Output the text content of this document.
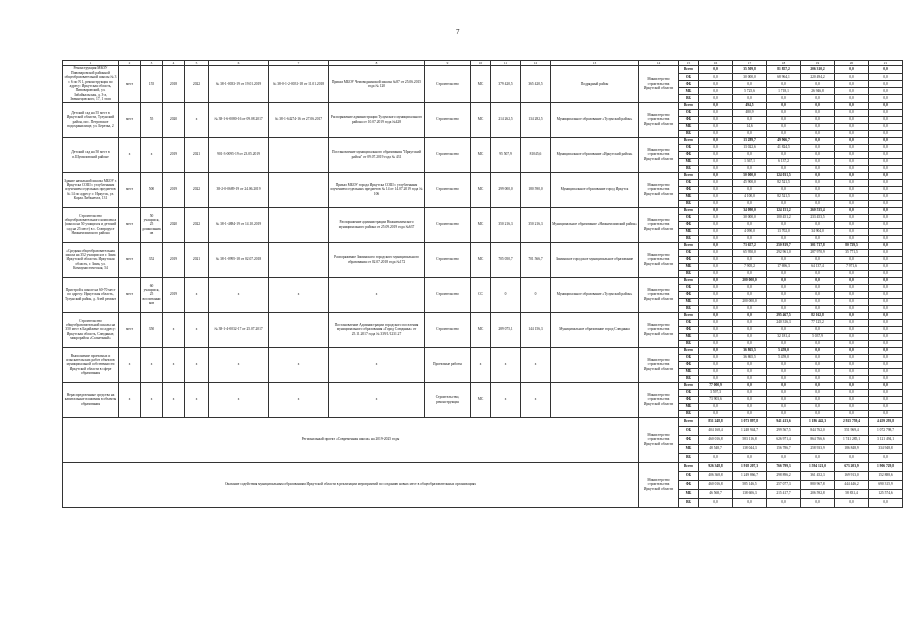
7
1	2	3	4	5	6	7	8	9	10	11	12	13	14	15	16	17	18	19	20	21
Реконструкция МБОУ Пивоваровской районной общеобразовательной школы № 3 с 6 по N 1, реконструкция по адресу: Иркутская область, Пивоваровский, ул. Забайкальская, д. 3-а, Звеннецовского, 17, 1 этап	мест	155	2018	2022	№ 38-1-0033-19 от 19.01.2019	№ 38-0-1-2-0031-18 от 11.01.2018	Приказ МБОУ Чемоводнинской школы №87 от 25.06.2015 года № 120	Строительство	МС	379 420,5	365 420,5	Подрядный район	Министерство строительства Иркутской области	Всего	0,0	35 509,8	81 857,2	206 310,2	0,0	0,0
														ОБ	0,0	30 000,0	68 964,1	220 494,2	0,0	0,0
														ФБ	0,0	0,0	0,0	0,0	0,0	0,0
														МБ	0,0	5 725,6	1 718,1	26 946,8	0,0	0,0
														ВБ	0,0	0,0	0,0	0,0	0,0	0,0
Детский сад на 55 мест в Иркутской области, Тулунский район, пос. Петровское водохранилище, ул. Березка, 2	мест	55	2020	х	№ 38-1-6-0080-16 от 09.08.2017	№ 38-1-64274-16 от 27.06.2017	Распоряжение администрации Тулунского муниципального района от 10.07.2019 года №428	Строительство	МС	214 262,5	134 282,5	Муниципальное образование «Тулунский район»	Министерство строительства Иркутской области	Всего	0,0	494,5	0,0	0,0	0,0	0,0
														ОБ	0,0	480,9	0,0	0,0	0,0	0,0
														ФБ	0,0	0,0	0,0	0,0	0,0	0,0
														МБ	0,0	14,6	0,0	0,0	0,0	0,0
														ВБ	0,0	0,0	0,0	0,0	0,0	0,0
Детский сад на 50 мест в п.Шумиловский районе	х	х	2019	2021	901-3-0095-19 от 23.05.2019		Постановление муниципального образования "Иркутский район" от 09.07.2019 года № 431	Строительство	МС	95 507,9	81045,6	Муниципальное образование «Иркутский район»	Министерство строительства Иркутской области	Всего	0,0	13 289,7	49 966,7	0,0	0,0	0,0
														ОБ	0,0	13 022,6	41 824,5	0,0	0,0	0,0
														ФБ	0,0	0,0	0,0	0,0	0,0	0,0
														МБ	0,0	1 367,1	6 137,2	0,0	0,0	0,0
														ВБ	0,0	0,0	0,0	0,0	0,0	0,0
Здание начальной школы МБОУ г. Иркутска СОШ с углубленным изучением отдельных предметов № 14 по адресу: г. Иркутск, ул. Карла Либкнехта, 131	мест	500	2019	2022	38-2-0-0689-19 от 24.06.2019		Приказ МБОУ города Иркутска СОШ с углубленным изучением отдельных предметов № 14 от 14.07.2019 года № 106	Строительство	МС	299 000,0	180 590,0	Муниципальное образование город Иркутск	Министерство строительства Иркутской области	Всего	0,0	50 000,0	124 031,5	0,0	0,0	0,0
														ОБ	0,0	45 900,0	82 521,5	0,0	0,0	0,0
														ФБ	0,0	0,0	0,0	0,0	0,0	0,0
														МБ	0,0	4 100,0	82 521,5	0,0	0,0	0,0
														ВБ	0,0	0,0	0,0	0,0	0,0	0,0
Строительство общеобразовательного комплекса (школа на 50 учащихся и детский сад на 25 мест) в с. Ставрорусе Нижнеилимского района	мест	50 учащихся, 25 дошкольников	2020	2022	№ 38-1-4884-19 от 14.10.2019		Распоряжение администрации Нижнеилимского муниципального района от 25.09.2019 года №637	Строительство	МС	350 216,3	350 216,3	Муниципальное образование «Нижнеилимский район»	Министерство строительства Иркутской области	Всего	0,0	34 090,0	124 151,2	260 535,4	0,0	0,0
														ОБ	0,0	30 000,0	100 451,2	233 453,5	0,0	0,0
														ФБ	0,0	0,0	0,0	0,0	0,0	0,0
														МБ	0,0	4 090,0	13 702,0	34 904,0	0,0	0,0
														ВБ	0,0	0,0	0,0	0,0	0,0	0,0
«Средняя общеобразовательная школа на 352 учащихся в г. Зима Иркутской области» Иркутская область, г. Зима, ул. Коммунистическая, 54	мест	352	2019	2021	№ 38-1-0995-18 от 02.07.2018		Распоряжение Зиминского городского муниципального образования от 02.07.2018 года №172	Строительство	МС	705 050,7	701 566,7	Зиминское городское муниципальное образование	Министерство строительства Иркутской области	Всего	0,0	73 657,2	250 819,7	301 717,8	80 729,5	0,0
														ОБ	0,0	65 950,0	292 961,0	287 970,9	35 771,5	0,0
														ФБ	0,0	0,0	0,0	0,0	0,0	0,0
														МБ	0,0	7 905,2	17 696,3	64 137,4	7 971,6	0,0
														ВБ	0,0	0,0	0,0	0,0	0,0	0,0
Пристрой к школе на 60-70 мест по адресу: Иркутская область, Тулунский район, д. Азей ремонт	мест	60 учащихся, 25 воспитанников	2019	х	х	х	х	Строительство	СС	0	0	Муниципальное образование «Тулунский район»	Министерство строительства Иркутской области	Всего	0,0	200 000,0	0,0	0,0	0,0	0,0
														ОБ	0,0	0,0	0,0	0,0	0,0	0,0
														ФБ	0,0	0,0	0,0	0,0	0,0	0,0
														МБ	0,0	200 000,0	0,0	0,0	0,0	0,0
														ВБ	0,0	0,0	0,0	0,0	0,0	0,0
Строительство общеобразовательной школы на 350 мест в Бадайжене по адресу: Иркутская область, Слюдяные, микрорайон «Солнечный»	мест	350	х	х	№ 38-1-4-0032-17 от 25.07.2017		Постановление Администрации городского поселения муниципального образования «Город Слюдянка» от 25.11.2017 года № 339/1/1231.27	Строительство	МС	289 075,1	144 156,3	Муниципальное образование город Слюдянка	Министерство строительства Иркутской области	Всего	0,0	0,0	295 467,5	82 162,8	0,0	0,0
														ОБ	0,0	0,0	240 316,3	77 125,2	0,0	0,0
														ФБ	0,0	0,0	0,0	0,0	0,0	0,0
														МБ	0,0	0,0	32 181,4	5 037,9	0,0	0,0
														ВБ	0,0	0,0	0,0	0,0	0,0	0,0
Выполнение проектных и изыскательских работ объектов муниципальной собственности Иркутской области в сфере образования	х	х	х	х	х	х	х	Проектные работы	х	х	х		Министерство строительства Иркутской области	Всего	0,0	36 865,5	5 459,0	0,0	0,0	0,0
														ОБ	0,0	36 865,5	5 459,0	0,0	0,0	0,0
														ФБ	0,0	0,0	0,0	0,0	0,0	0,0
														МБ	0,0	0,0	0,0	0,0	0,0	0,0
														ВБ	0,0	0,0	0,0	0,0	0,0	0,0
Нераспределенные средства на капитальные вложения в объекты образования	х	х	х	х	х	х	х	Строительство, реконструкция	МС	х	х		Министерство строительства Иркутской области	Всего	77 000,9	0,0	0,0	0,0	0,0	0,0
														ОБ	3 597,3	0,0	0,0	0,0	0,0	0,0
														ФБ	73 903,6	0,0	0,0	0,0	0,0	0,0
														МБ	0,0	0,0	0,0	0,0	0,0	0,0
														ВБ	0,0	0,0	0,0	0,0	0,0	0,0
Региональный проект «Современная школа» на 2019-2025 годы													Министерство строительства Иркутской области	Всего	851 248,8	1 073 897,8	941 413,6	1 186 442,3	2 925 759,4	4 459 293,8
														ОБ	404 168,4	1 248 944,7	299 567,5	844 762,0	551 969,4	1 072 798,7
														ФБ	460 016,8	583 116,8	626 971,4	864 766,6	1 741 285,1	3 121 494,1
														МБ	48 548,7	138 044,3	156 786,7	258 933,9	186 848,9	334 948,8
														ВБ	0,0	0,0	0,0	0,0	0,0	0,0
Оказание содействия муниципальным образованиям Иркутской области в реализации мероприятий по созданию новых мест в общеобразовательных организациях													Министерство строительства Иркутской области	Всего	926 348,8	1 918 207,3	766 799,3	1 594 121,0	673 203,9	1 906 729,8
														ОБ	406 368,8	1 249 866,7	298 896,2	361 452,3	169 913,0	152 888,6
														ФБ	460 016,8	585 146,5	257 077,3	880 967,8	444 446,2	690 315,9
														МБ	46 568,7	138 606,3	215 417,7	206 592,8	58 831,4	125 574,6
														ВБ	0,0	0,0	0,0	0,0	0,0	0,0
